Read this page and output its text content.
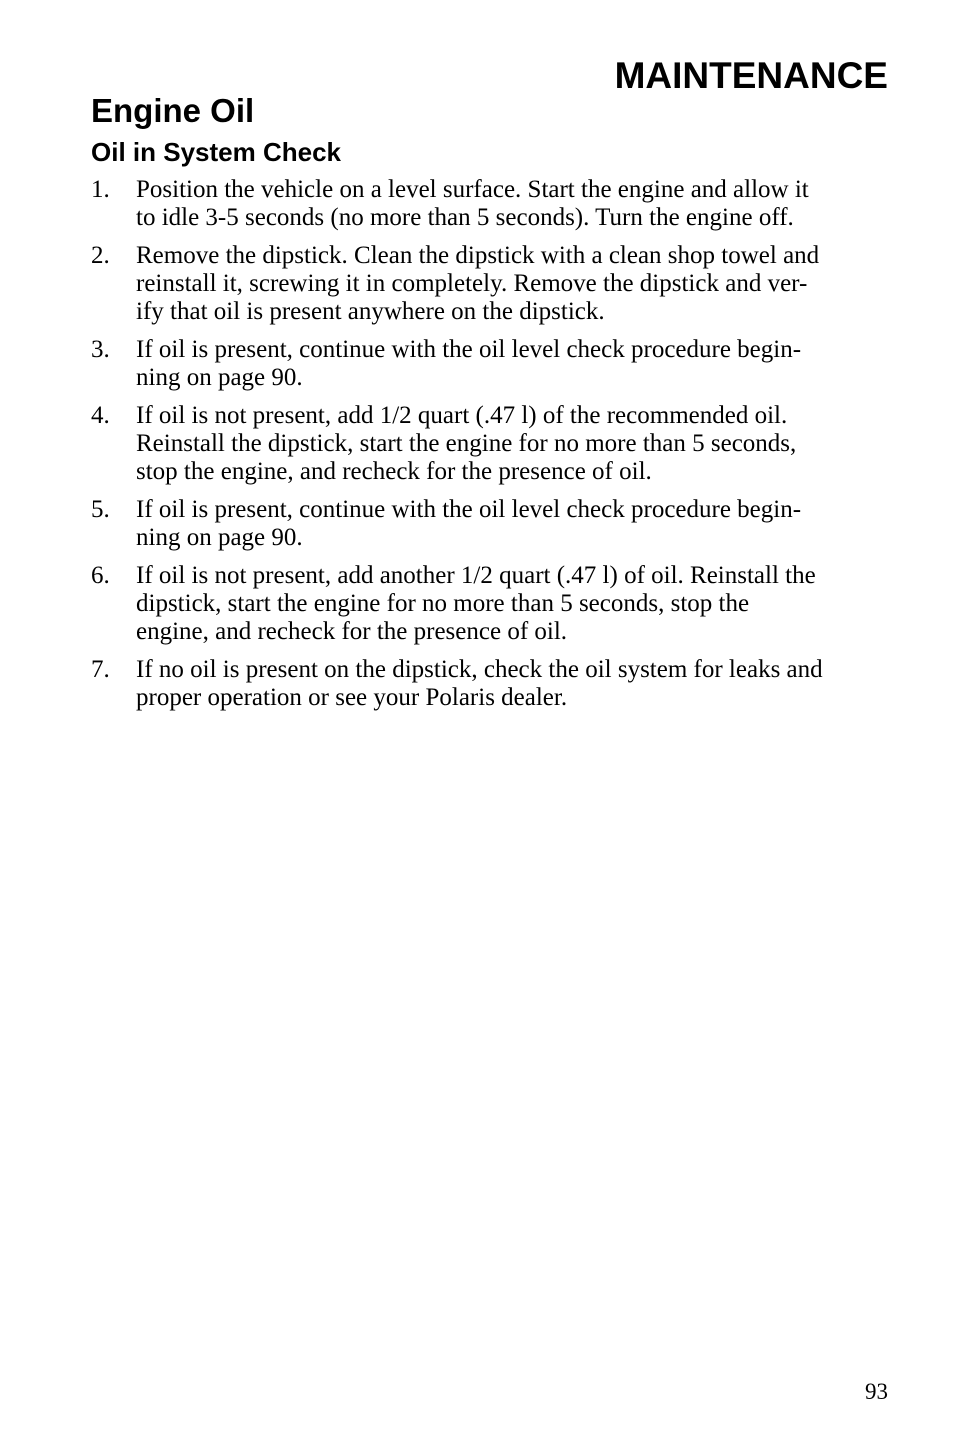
MAINTENANCE
Engine Oil
Oil in System Check
1.	Position the vehicle on a level surface. Start the engine and allow it
to idle 3-5 seconds (no more than 5 seconds). Turn the engine off.

2.	Remove the dipstick. Clean the dipstick with a clean shop towel and
reinstall it, screwing it in completely. Remove the dipstick and ver-
ify that oil is present anywhere on the dipstick.

3.	If oil is present, continue with the oil level check procedure begin-
ning on page 90.

4.	If oil is not present, add 1/2 quart (.47 l) of the recommended oil.
Reinstall the dipstick, start the engine for no more than 5 seconds,
stop the engine, and recheck for the presence of oil.

5.	If oil is present, continue with the oil level check procedure begin-
ning on page 90.

6.	If oil is not present, add another 1/2 quart (.47 l) of oil. Reinstall the
dipstick, start the engine for no more than 5 seconds, stop the
engine, and recheck for the presence of oil.

7.	If no oil is present on the dipstick, check the oil system for leaks and
proper operation or see your Polaris dealer.

93
